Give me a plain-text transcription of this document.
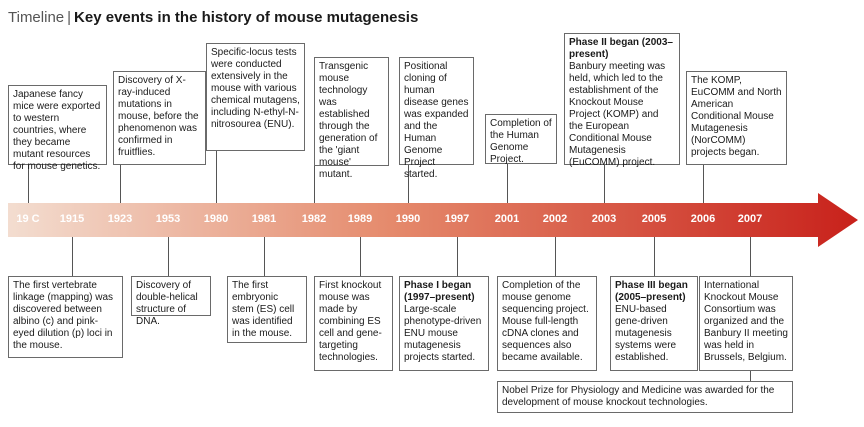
Timeline | Key events in the history of mouse mutagenesis
19 C 1915 1923 1953 1980 1981 1982 1989 1990 1997 2001 2002 2003 2005 2006 2007
Japanese fancy mice were exported to western countries, where they became mutant resources for mouse genetics.
Discovery of X-ray-induced mutations in mouse, before the phenomenon was confirmed in fruitflies.
Specific-locus tests were conducted extensively in the mouse with various chemical mutagens, including N-ethyl-N-nitrosourea (ENU).
Transgenic mouse technology was established through the generation of the 'giant mouse' mutant.
Positional cloning of human disease genes was expanded and the Human Genome Project started.
Completion of the Human Genome Project.
Phase II began (2003–present)
Banbury meeting was held, which led to the establishment of the Knockout Mouse Project (KOMP) and the European Conditional Mouse Mutagenesis (EuCOMM) project.
The KOMP, EuCOMM and North American Conditional Mouse Mutagenesis (NorCOMM) projects began.
The first vertebrate linkage (mapping) was discovered between albino (c) and pink-eyed dilution (p) loci in the mouse.
Discovery of double-helical structure of DNA.
The first embryonic stem (ES) cell was identified in the mouse.
First knockout mouse was made by combining ES cell and gene-targeting technologies.
Phase I began (1997–present)
Large-scale phenotype-driven ENU mouse mutagenesis projects started.
Completion of the mouse genome sequencing project. Mouse full-length cDNA clones and sequences also became available.
Phase III began (2005–present)
ENU-based gene-driven mutagenesis systems were established.
International Knockout Mouse Consortium was organized and the Banbury II meeting was held in Brussels, Belgium.
Nobel Prize for Physiology and Medicine was awarded for the development of mouse knockout technologies.
